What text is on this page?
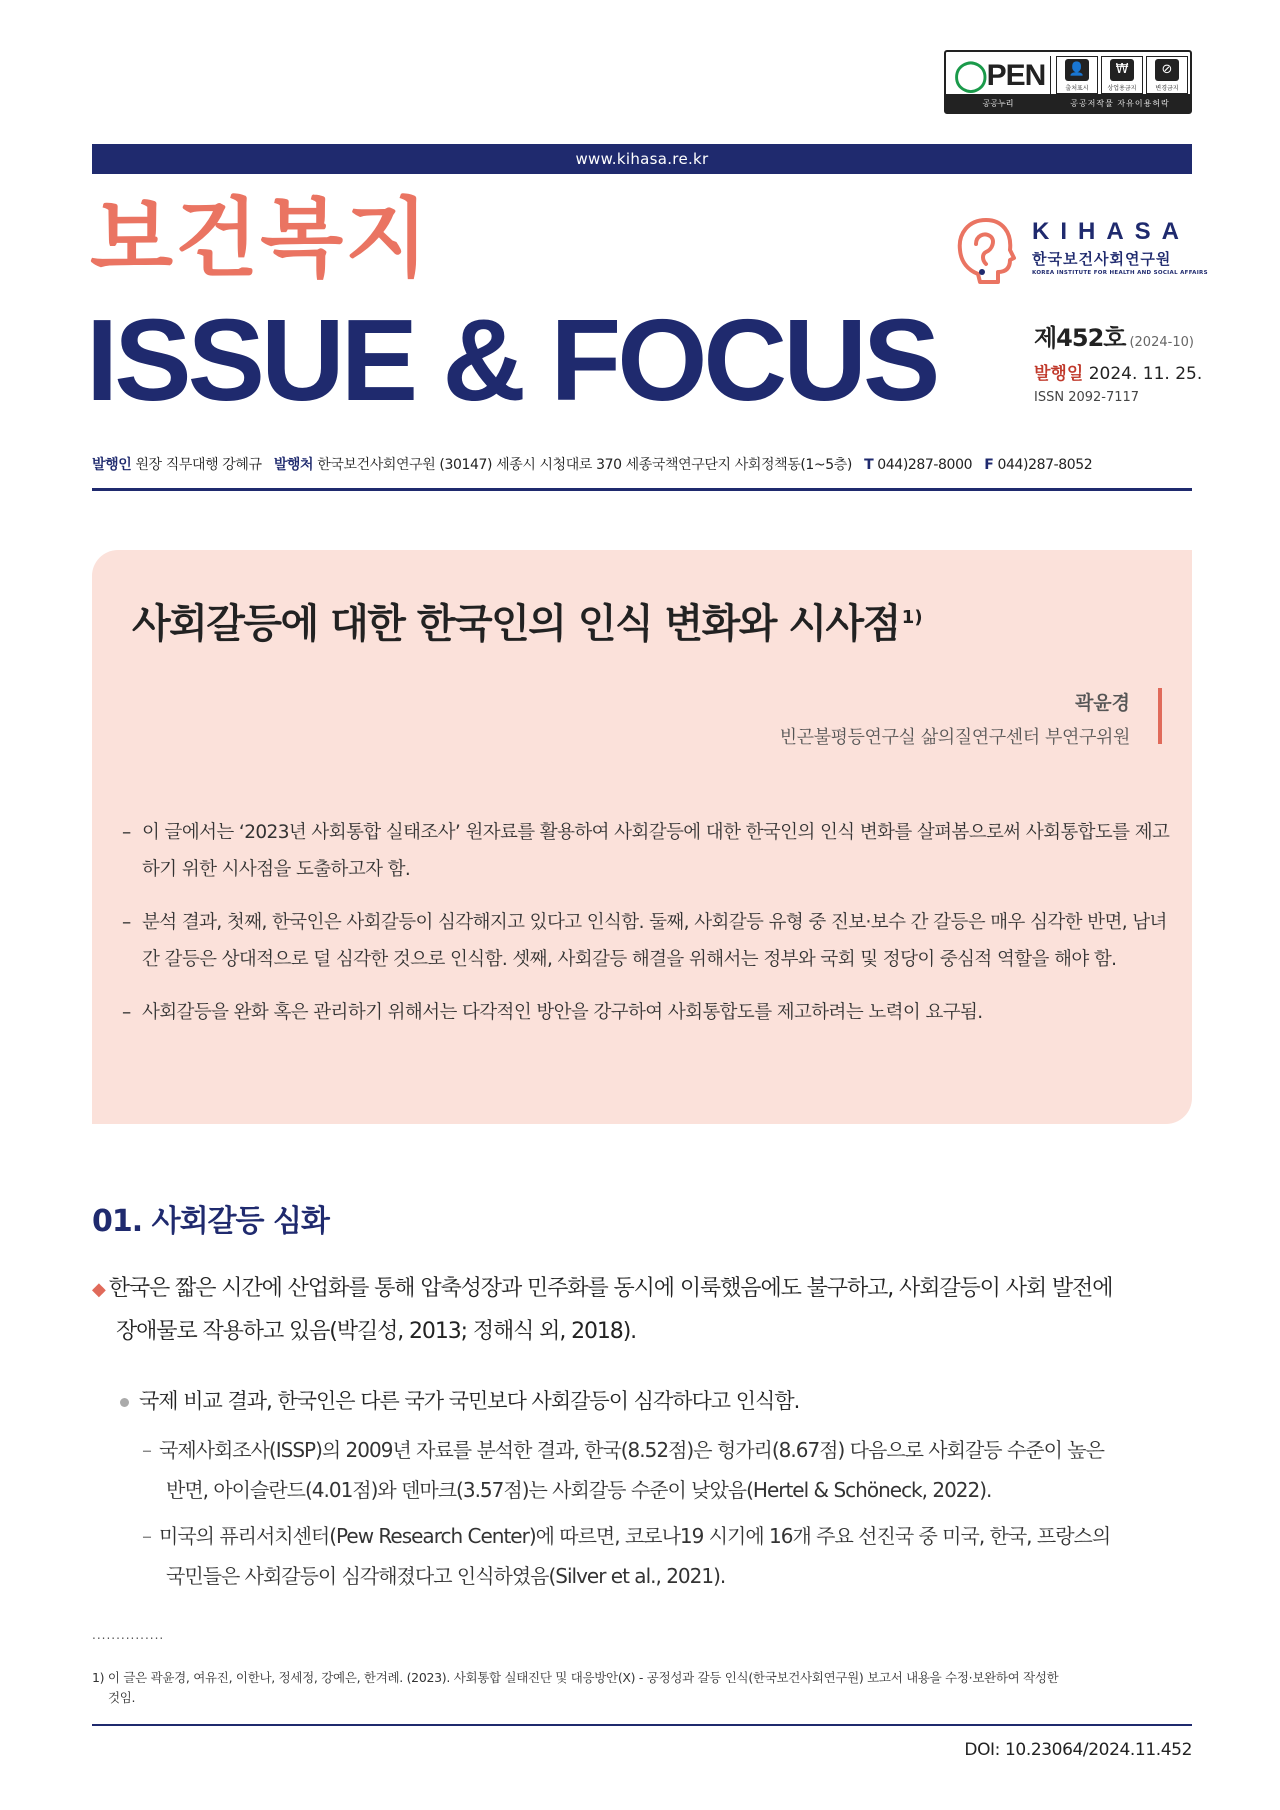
◯PEN	👤
출처표시
₩
상업용금지
⊘
변경금지
공공누리	공공저작물 자유이용허락
www.kihasa.re.kr
보건복지
ISSUE & FOCUS
KIHASA
한국보건사회연구원
KOREA INSTITUTE FOR HEALTH AND SOCIAL AFFAIRS
제452호 (2024-10)
발행일 2024. 11. 25.
ISSN 2092-7117
발행인 원장 직무대행 강혜규 발행처 한국보건사회연구원 (30147) 세종시 시청대로 370 세종국책연구단지 사회정책동(1~5층) T 044)287-8000 F 044)287-8052
사회갈등에 대한 한국인의 인식 변화와 시사점 $^{1)}$
곽윤경
빈곤불평등연구실 삶의질연구센터 부연구위원
– 이 글에서는 ‘2023년 사회통합 실태조사’ 원자료를 활용하여 사회갈등에 대한 한국인의 인식 변화를 살펴봄으로써 사회통합도를 제고하기 위한 시사점을 도출하고자 함.
– 분석 결과, 첫째, 한국인은 사회갈등이 심각해지고 있다고 인식함. 둘째, 사회갈등 유형 중 진보·보수 간 갈등은 매우 심각한 반면, 남녀 간 갈등은 상대적으로 덜 심각한 것으로 인식함. 셋째, 사회갈등 해결을 위해서는 정부와 국회 및 정당이 중심적 역할을 해야 함.
– 사회갈등을 완화 혹은 관리하기 위해서는 다각적인 방안을 강구하여 사회통합도를 제고하려는 노력이 요구됨.
01. 사회갈등 심화
◆ 한국은 짧은 시간에 산업화를 통해 압축성장과 민주화를 동시에 이룩했음에도 불구하고, 사회갈등이 사회 발전에
장애물로 작용하고 있음(박길성, 2013; 정해식 외, 2018).
국제 비교 결과, 한국인은 다른 국가 국민보다 사회갈등이 심각하다고 인식함.
– 국제사회조사(ISSP)의 2009년 자료를 분석한 결과, 한국(8.52점)은 헝가리(8.67점) 다음으로 사회갈등 수준이 높은
반면, 아이슬란드(4.01점)와 덴마크(3.57점)는 사회갈등 수준이 낮았음(Hertel & Schöneck, 2022).
– 미국의 퓨리서치센터(Pew Research Center)에 따르면, 코로나19 시기에 16개 주요 선진국 중 미국, 한국, 프랑스의
국민들은 사회갈등이 심각해졌다고 인식하였음(Silver et al., 2021).
...............
1) 이 글은 곽윤경, 여유진, 이한나, 정세정, 강예은, 한겨례. (2023). 사회통합 실태진단 및 대응방안(X) - 공정성과 갈등 인식(한국보건사회연구원) 보고서 내용을 수정·보완하여 작성한
것임.
DOI: 10.23064/2024.11.452
